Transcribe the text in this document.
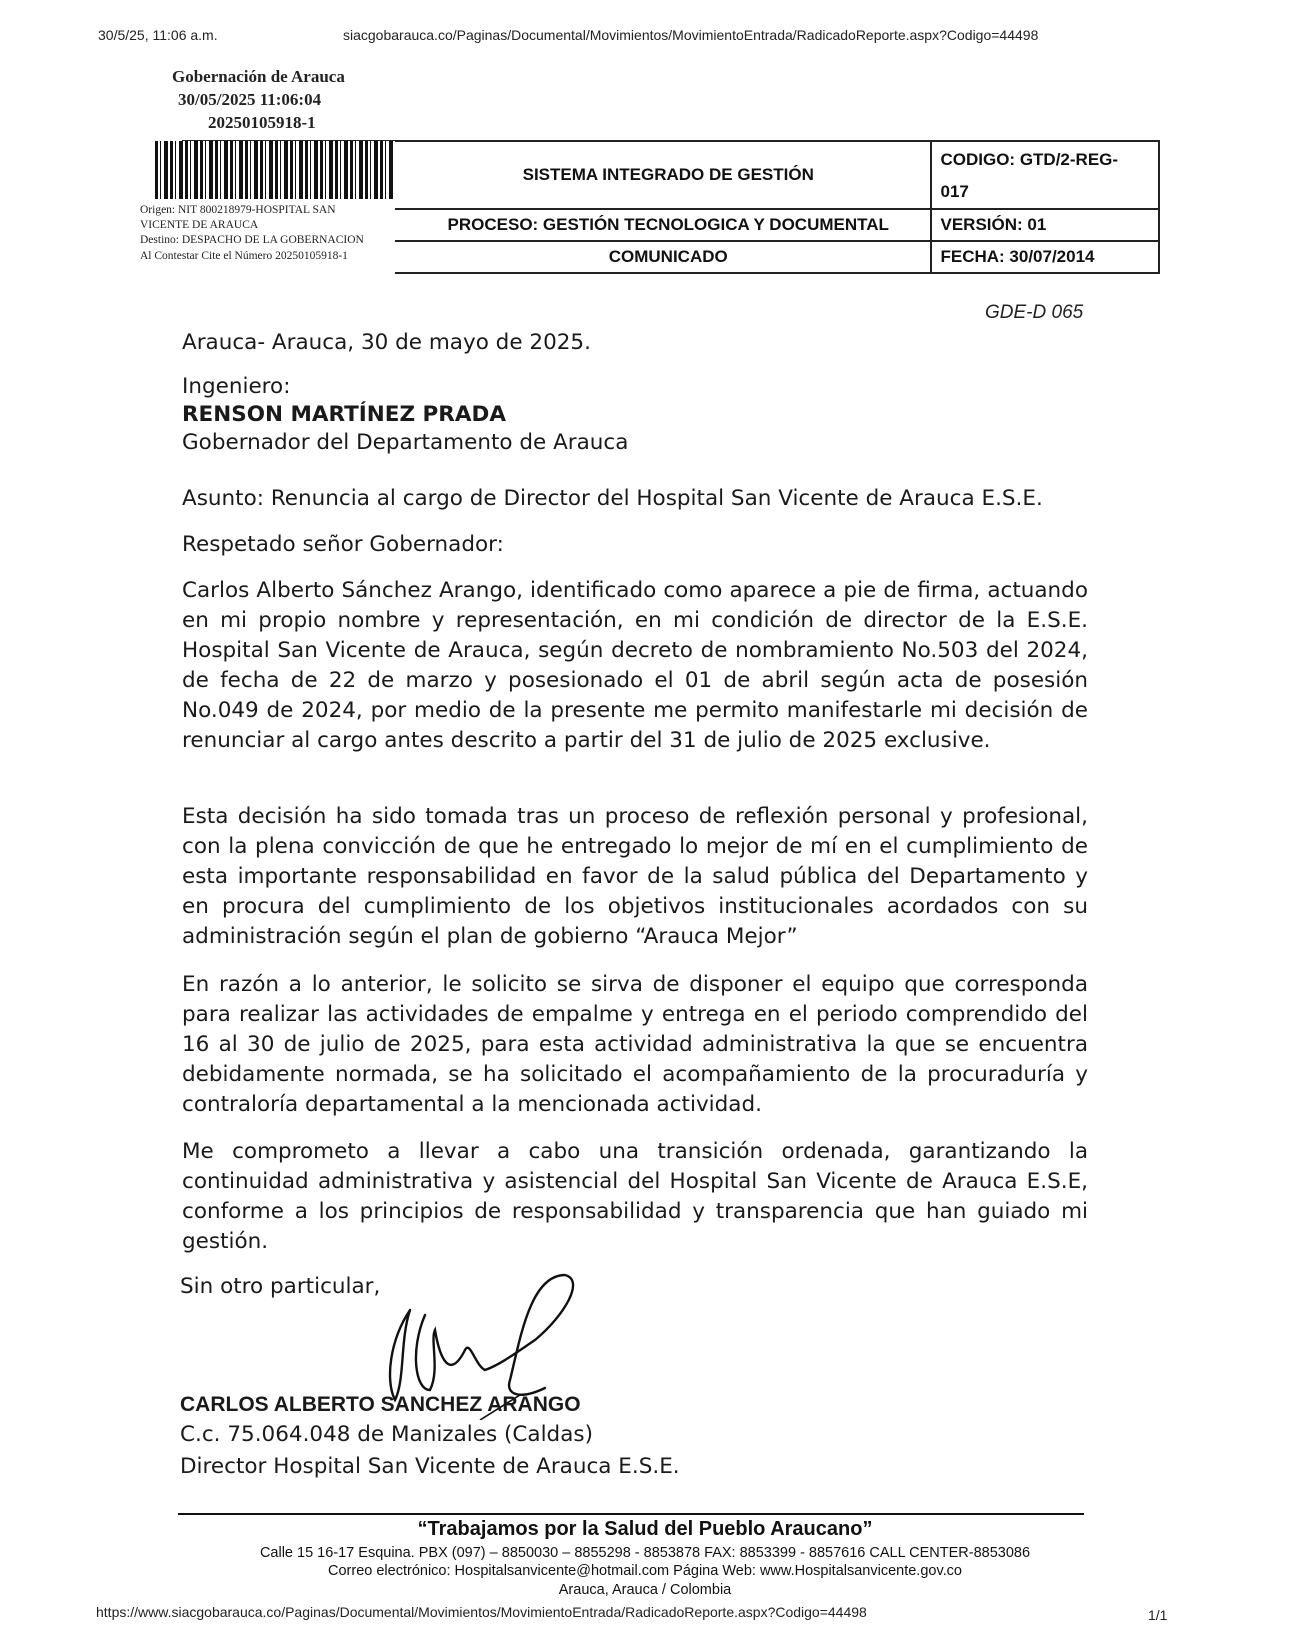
30/5/25, 11:06 a.m.	siacgobarauca.co/Paginas/Documental/Movimientos/MovimientoEntrada/RadicadoReporte.aspx?Codigo=44498
Gobernación de Arauca
30/05/2025 11:06:04
20250105918-1
SISTEMA INTEGRADO DE GESTIÓN	CODIGO: GTD/2-REG-
017

PROCESO: GESTIÓN TECNOLOGICA Y DOCUMENTAL	VERSIÓN: 01
COMUNICADO	FECHA: 30/07/2014
Origen: NIT 800218979-HOSPITAL SAN
VICENTE DE ARAUCA
Destino: DESPACHO DE LA GOBERNACION
Al Contestar Cite el Número 20250105918-1
GDE-D 065
Arauca- Arauca, 30 de mayo de 2025.
Ingeniero:
RENSON MARTÍNEZ PRADA
Gobernador del Departamento de Arauca
Asunto: Renuncia al cargo de Director del Hospital San Vicente de Arauca E.S.E.
Respetado señor Gobernador:
Carlos Alberto Sánchez Arango, identificado como aparece a pie de firma, actuando en mi propio nombre y representación, en mi condición de director de la E.S.E. Hospital San Vicente de Arauca, según decreto de nombramiento No.503 del 2024, de fecha de 22 de marzo y posesionado el 01 de abril según acta de posesión No.049 de 2024, por medio de la presente me permito manifestarle mi decisión de renunciar al cargo antes descrito a partir del 31 de julio de 2025 exclusive.
Esta decisión ha sido tomada tras un proceso de reflexión personal y profesional, con la plena convicción de que he entregado lo mejor de mí en el cumplimiento de esta importante responsabilidad en favor de la salud pública del Departamento y en procura del cumplimiento de los objetivos institucionales acordados con su administración según el plan de gobierno “Arauca Mejor”
En razón a lo anterior, le solicito se sirva de disponer el equipo que corresponda para realizar las actividades de empalme y entrega en el periodo comprendido del 16 al 30 de julio de 2025, para esta actividad administrativa la que se encuentra debidamente normada, se ha solicitado el acompañamiento de la procuraduría y contraloría departamental a la mencionada actividad.
Me comprometo a llevar a cabo una transición ordenada, garantizando la continuidad administrativa y asistencial del Hospital San Vicente de Arauca E.S.E, conforme a los principios de responsabilidad y transparencia que han guiado mi gestión.
Sin otro particular,
CARLOS ALBERTO SANCHEZ ARANGO
C.c. 75.064.048 de Manizales (Caldas)
Director Hospital San Vicente de Arauca E.S.E.
“Trabajamos por la Salud del Pueblo Araucano”
Calle 15 16-17 Esquina. PBX (097) – 8850030 – 8855298 - 8853878 FAX: 8853399 - 8857616 CALL CENTER-8853086
Correo electrónico: Hospitalsanvicente@hotmail.com Página Web: www.Hospitalsanvicente.gov.co
Arauca, Arauca / Colombia
https://www.siacgobarauca.co/Paginas/Documental/Movimientos/MovimientoEntrada/RadicadoReporte.aspx?Codigo=44498	1/1
